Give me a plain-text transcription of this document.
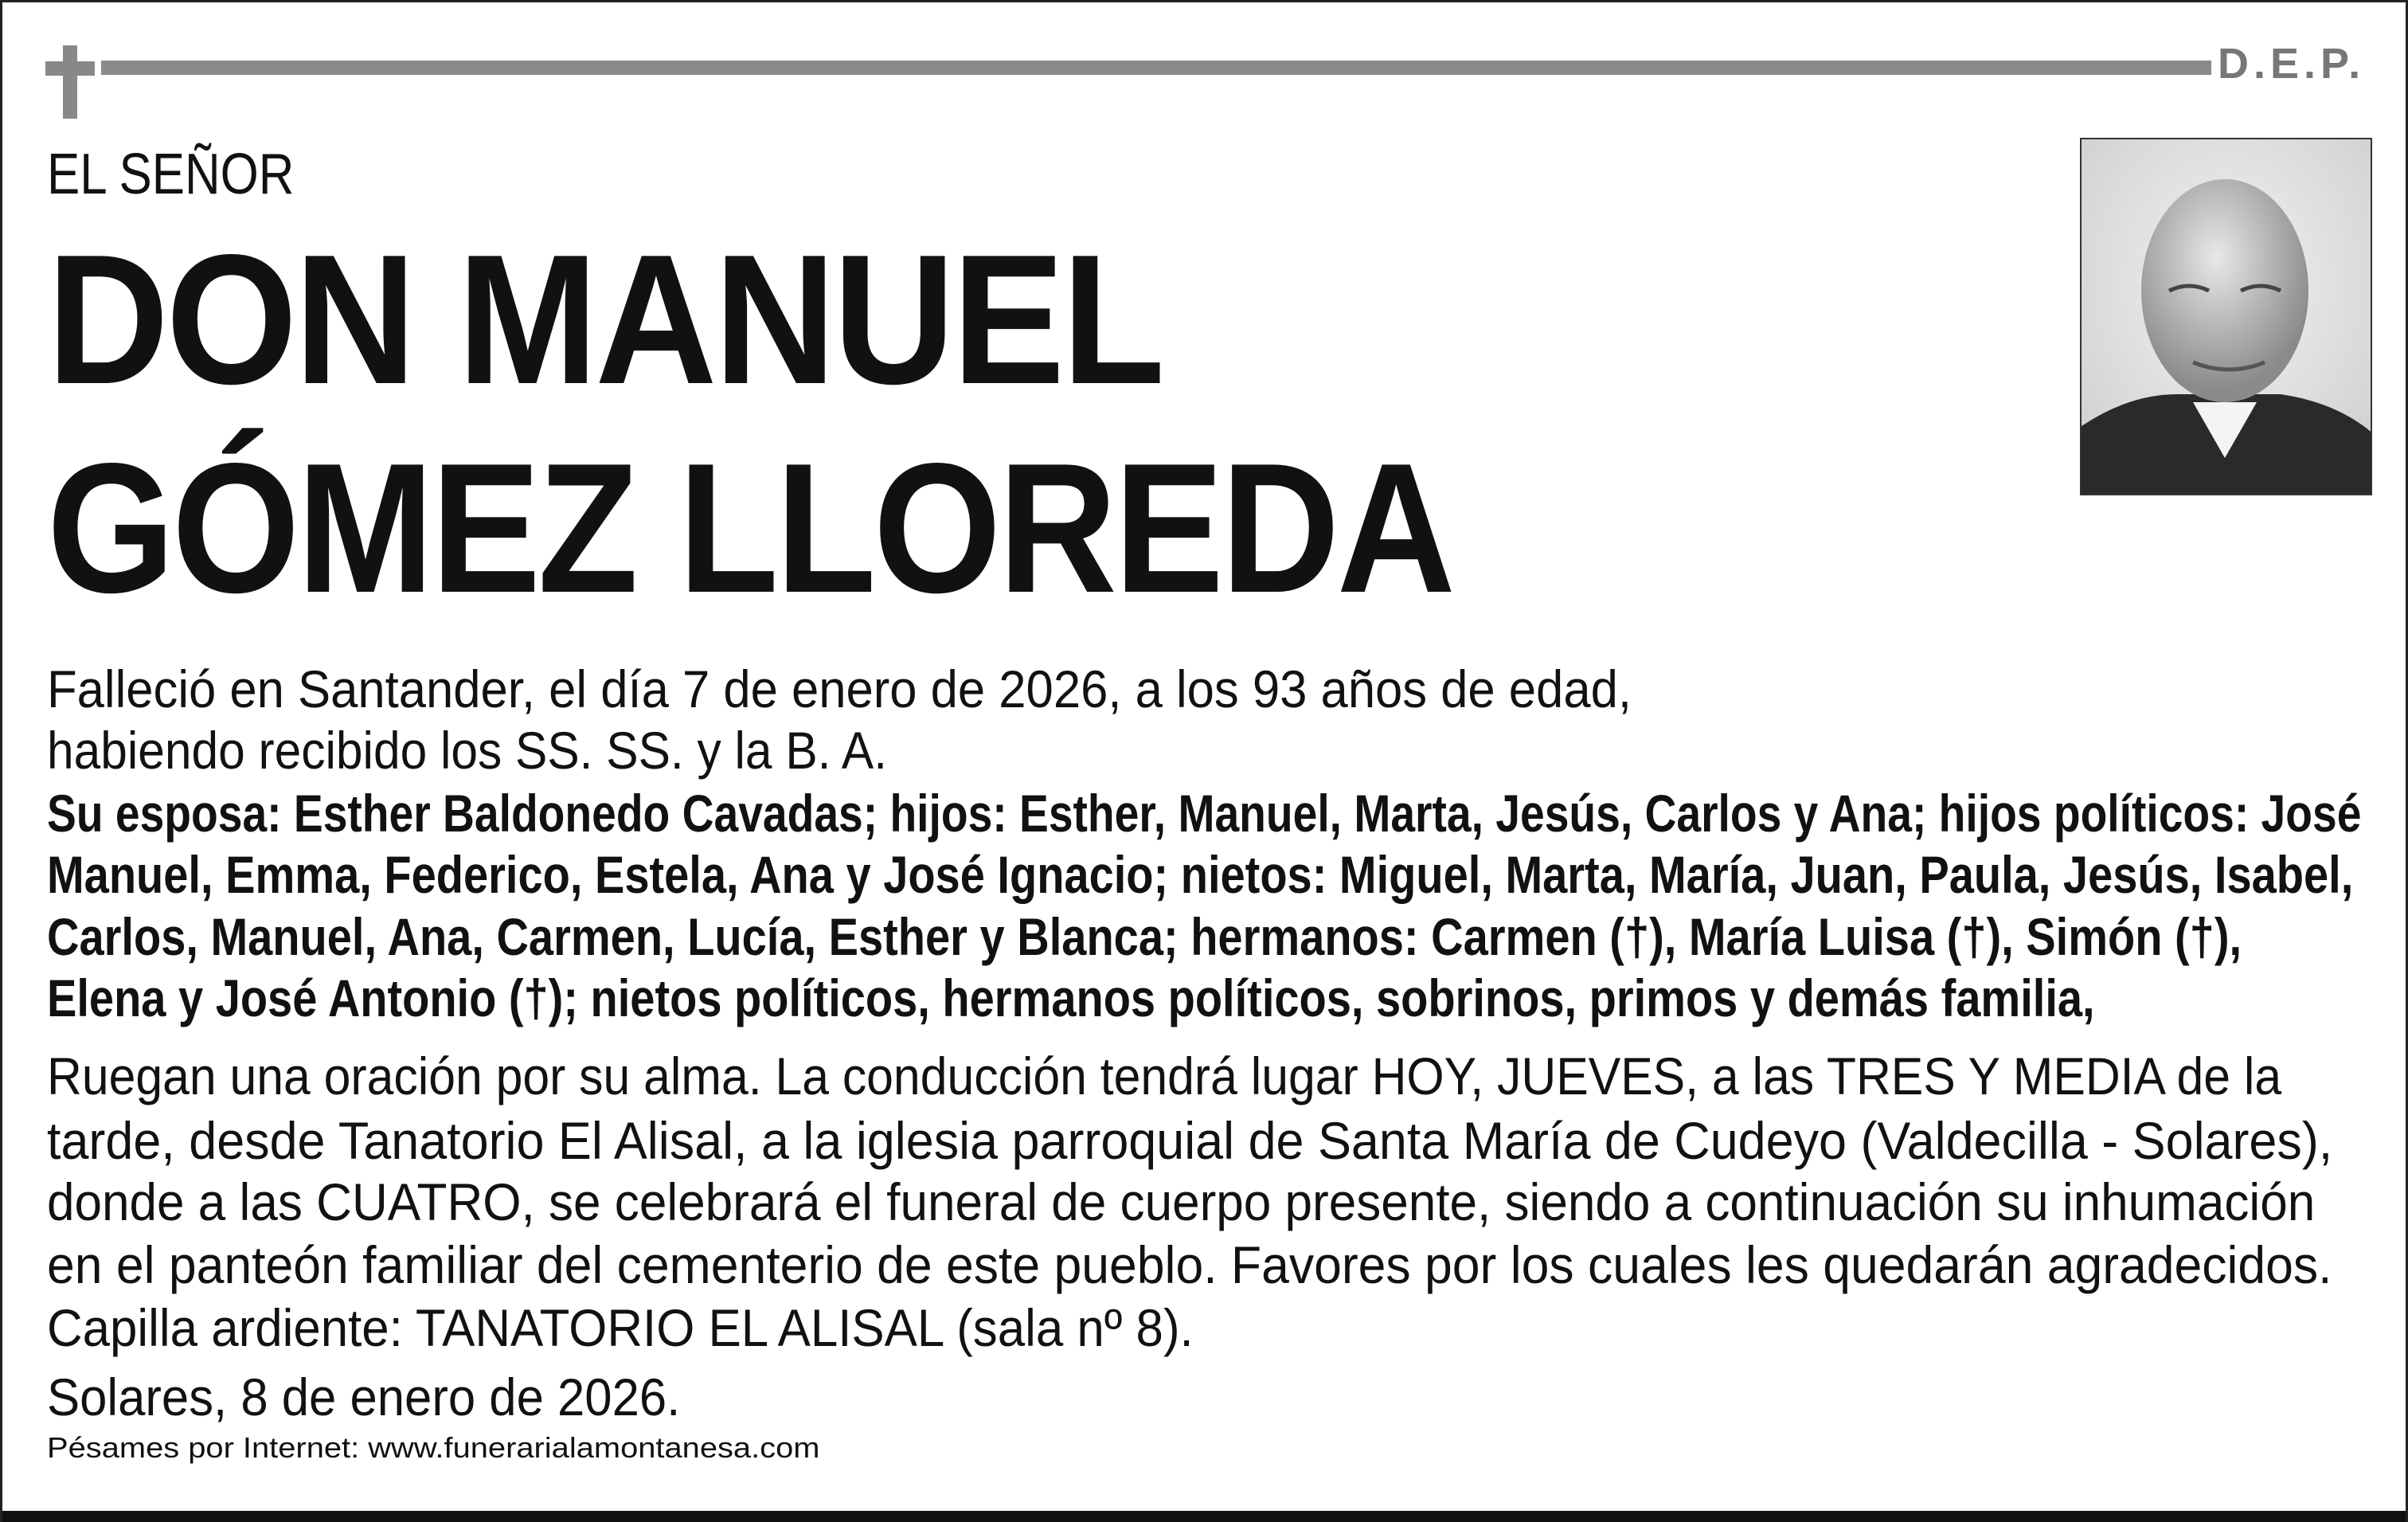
D.E.P.
EL SEÑOR
DON MANUEL
GÓMEZ LLOREDA
Falleció en Santander, el día 7 de enero de 2026, a los 93 años de edad,
habiendo recibido los SS. SS. y la B. A.
Su esposa: Esther Baldonedo Cavadas; hijos: Esther, Manuel, Marta, Jesús, Carlos y Ana; hijos políticos: José
Manuel, Emma, Federico, Estela, Ana y José Ignacio; nietos: Miguel, Marta, María, Juan, Paula, Jesús, Isabel,
Carlos, Manuel, Ana, Carmen, Lucía, Esther y Blanca; hermanos: Carmen (†), María Luisa (†), Simón (†),
Elena y José Antonio (†); nietos políticos, hermanos políticos, sobrinos, primos y demás familia,
Ruegan una oración por su alma. La conducción tendrá lugar HOY, JUEVES, a las TRES Y MEDIA de la
tarde, desde Tanatorio El Alisal, a la iglesia parroquial de Santa María de Cudeyo (Valdecilla - Solares),
donde a las CUATRO, se celebrará el funeral de cuerpo presente, siendo a continuación su inhumación
en el panteón familiar del cementerio de este pueblo. Favores por los cuales les quedarán agradecidos.
Capilla ardiente: TANATORIO EL ALISAL (sala nº 8).
Solares, 8 de enero de 2026.
Pésames por Internet: www.funerarialamontanesa.com
